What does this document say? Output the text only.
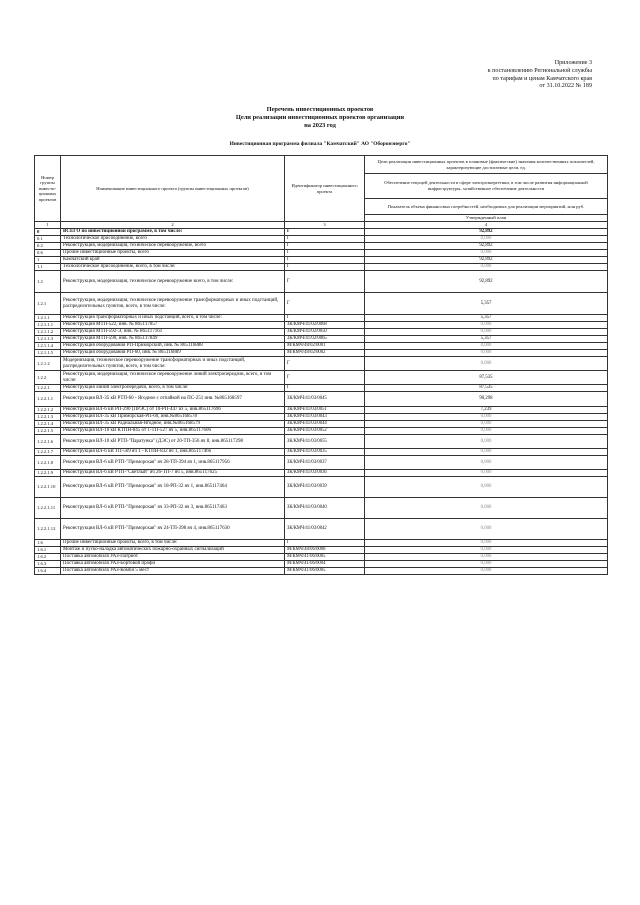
Приложение 3
к постановлению Региональной службы
по тарифам и ценам Камчатского края
от 31.10.2022 № 189
Перечень инвестиционных проектов
Цели реализации инвестиционных проектов организации
на 2023 год
Инвестиционная программа филиала "Камчатский" АО "Оборонэнерго"
Номер группы инвести-ционных проектов	Наименование инвестиционного проекта (группы инвестиционных проектов)	Идентификатор инвестиционного проекта	Цели реализации инвестиционных проектов в плановые (фактические) значения количественных показателей, характеризующие достигаемые цели, ед.
			Обеспечение текущей деятельности в сфере электроэнергетики, в том числе развития информационной инфраструктуры, хозяйственное обеспечение деятельности
			Показатель объема финансовых потребностей, необходимых для реализации мероприятий, млн руб.
			Утвержденный план
1	2	3	4
0	ВСЕГО по инвестиционной программе, в том числе:	Г	92,892
0.1	Технологическое присоединение, всего	Г	0,000
0.2	Реконструкция, модернизация, техническое перевооружение, всего	Г	92,892
0.6	Прочие инвестиционные проекты, всего	Г	0,000
1	Камчатский край	Г	92,892
1.1	Технологическое присоединение, всего, в том числе:	Г	0,000
1.2	Реконструкция, модернизация, техническое перевооружение всего, в том числе:	Г	92,892
1.2.1	Реконструкция, модернизация, техническое перевооружение трансформаторных и иных подстанций, распределительных пунктов, всего, в том числе:	Г	5,357
1.2.1.1	Реконструкция трансформаторных и иных подстанций, всего, в том числе:	Г	5,357
1.2.1.1.1	Реконструкция МТП-522, инв. № 865117857	ЗК/КМЧ/41/02/0068	0,000
1.2.1.1.2	Реконструкция МТП-592-Э, инв. № 865117161	ЗК/КМЧ/41/02/0050	0,000
1.2.1.1.3	Реконструкция МТП-590, инв. № 865117849	ЗК/КМЧ/41/02/0065	5,357
1.2.1.1.4	Реконструкция оборудования РП-Приморский, инв. № 865116888	М/КМЧ/48/02/0001	0,000
1.2.1.1.5	Реконструкция оборудования РП-60, инв. № 865116889	М/КМЧ/48/02/0002	0,000
1.2.1.2	Модернизация, техническое перевооружение трансформаторных и иных подстанций, распределительных пунктов, всего, в том числе:	Г	0,000
1.2.2	Реконструкция, модернизация, техническое перевооружение линий электропередачи, всего, в том числе:	Г	87,535
1.2.2.1	Реконструкция линий электропередачи, всего, в том числе:	Г	87,535
1.2.2.1.1	Реконструкция ВЛ-35 кВ РТП-60 - Ягодное с отпайкой на ПС-251 инв. №865168597	ЗК/КМЧ/41/03/0045	90,298
1.2.2.1.2	Реконструкция ВЛ-6 кВ РП-290 (ПРЭС) от 10-РП-447 из 5, инв.865117696	ЗК/КМЧ/41/03/0051	7,239
1.2.2.1.3	Реконструкция ВЛ-35 кВ Приморская-РП-60, инв.№865168578	ЗК/КМЧ/41/03/0043	0,000
1.2.2.1.4	Реконструкция ВЛ-35 кВ Радиальная-Ягодное, инв.№865168579	ЗК/КМЧ/41/03/0044	0,000
1.2.2.1.5	Реконструкция ВЛ-10 кВ КТПН-845 от 1-ТП-527 яч 5, инв.865117606	ЗК/КМЧ/41/03/0052	0,000
1.2.2.1.6	Реконструкция ВЛ-10 кВ РТП-"Паратунка" (ДЭС) от 20-ТП-356 яч 8, инв.865117298	ЗК/КМЧ/41/03/0055	0,000
1.2.2.1.7	Реконструкция ВЛ-6 кВ ТП-569 яч 1 - КТПН-832 яч 1, инв.865117466	ЗК/КМЧ/41/03/0035	0,000
1.2.2.1.8	Реконструкция ВЛ-6 кВ РТП-"Приморская" яч 28-ТП-394 яч 1, инв.865117956	ЗК/КМЧ/41/03/0037	0,000
1.2.2.1.9	Реконструкция ВЛ-6 кВ РТП-"Светлый" яч 26-ТП-7 яч 5, инв.865117625	ЗК/КМЧ/41/03/0036	0,000
1.2.2.1.10	Реконструкция ВЛ-6 кВ РТП-"Приморская" яч 18-РП-32 яч 1, инв.865117464	ЗК/КМЧ/41/03/0039	0,000
1.2.2.1.11	Реконструкция ВЛ-6 кВ РТП-"Приморская" яч 33-РП-32 яч 3, инв.865117463	ЗК/КМЧ/41/03/0040	0,000
1.2.2.1.12	Реконструкция ВЛ-6 кВ РТП-"Приморская" яч 24-ТП-398 яч 4, инв.865117630	ЗК/КМЧ/41/03/0042	0,000
1.6	Прочие инвестиционные проекты, всего, в том числе:	Г	0,000
1.6.1	Монтаж и пуско-наладка автоматических пожарно-охранных сигнализаций	М/КМЧ/48/06/0008	0,000
1.6.2	Поставка автомобиля УАЗ-Патриот	М/КМЧ/41/06/0005	0,000
1.6.3	Поставка автомобиля УАЗ-Бортовой профи	М/КМЧ/41/06/0004	0,000
1.6.4	Поставка автомобиля УАЗ-Комби 5 мест	М/КМЧ/41/06/0005	0,000
